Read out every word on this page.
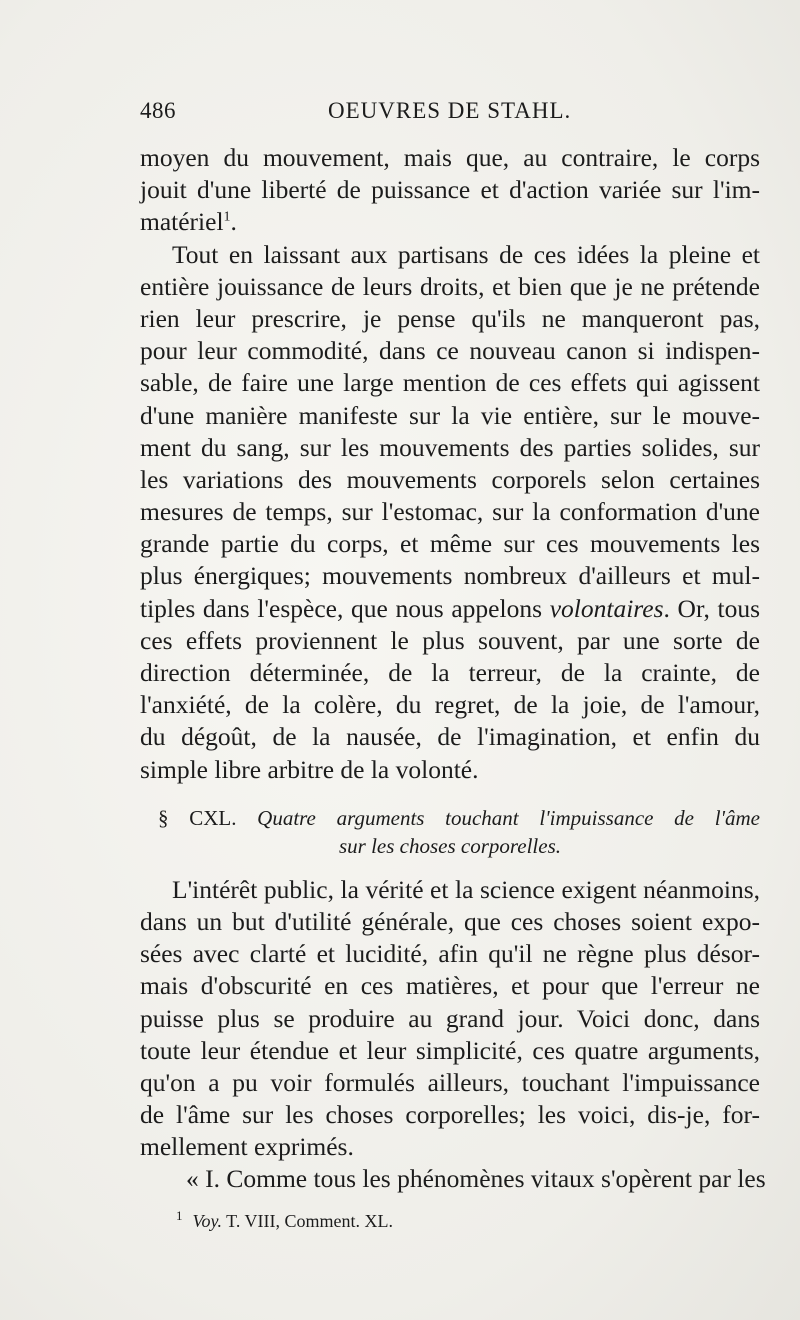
486	OEUVRES DE STAHL.
moyen du mouvement, mais que, au contraire, le corps
jouit d'une liberté de puissance et d'action variée sur l'im-
matériel$^1$.
Tout en laissant aux partisans de ces idées la pleine et
entière jouissance de leurs droits, et bien que je ne prétende
rien leur prescrire, je pense qu'ils ne manqueront pas,
pour leur commodité, dans ce nouveau canon si indispen-
sable, de faire une large mention de ces effets qui agissent
d'une manière manifeste sur la vie entière, sur le mouve-
ment du sang, sur les mouvements des parties solides, sur
les variations des mouvements corporels selon certaines
mesures de temps, sur l'estomac, sur la conformation d'une
grande partie du corps, et même sur ces mouvements les
plus énergiques; mouvements nombreux d'ailleurs et mul-
tiples dans l'espèce, que nous appelons volontaires. Or, tous
ces effets proviennent le plus souvent, par une sorte de
direction déterminée, de la terreur, de la crainte, de
l'anxiété, de la colère, du regret, de la joie, de l'amour,
du dégoût, de la nausée, de l'imagination, et enfin du
simple libre arbitre de la volonté.
§ CXL. Quatre arguments touchant l'impuissance de l'âme
sur les choses corporelles.
L'intérêt public, la vérité et la science exigent néanmoins,
dans un but d'utilité générale, que ces choses soient expo-
sées avec clarté et lucidité, afin qu'il ne règne plus désor-
mais d'obscurité en ces matières, et pour que l'erreur ne
puisse plus se produire au grand jour. Voici donc, dans
toute leur étendue et leur simplicité, ces quatre arguments,
qu'on a pu voir formulés ailleurs, touchant l'impuissance
de l'âme sur les choses corporelles; les voici, dis-je, for-
mellement exprimés.
« I. Comme tous les phénomènes vitaux s'opèrent par les
$^1$ Voy. T. VIII, Comment. XL.
